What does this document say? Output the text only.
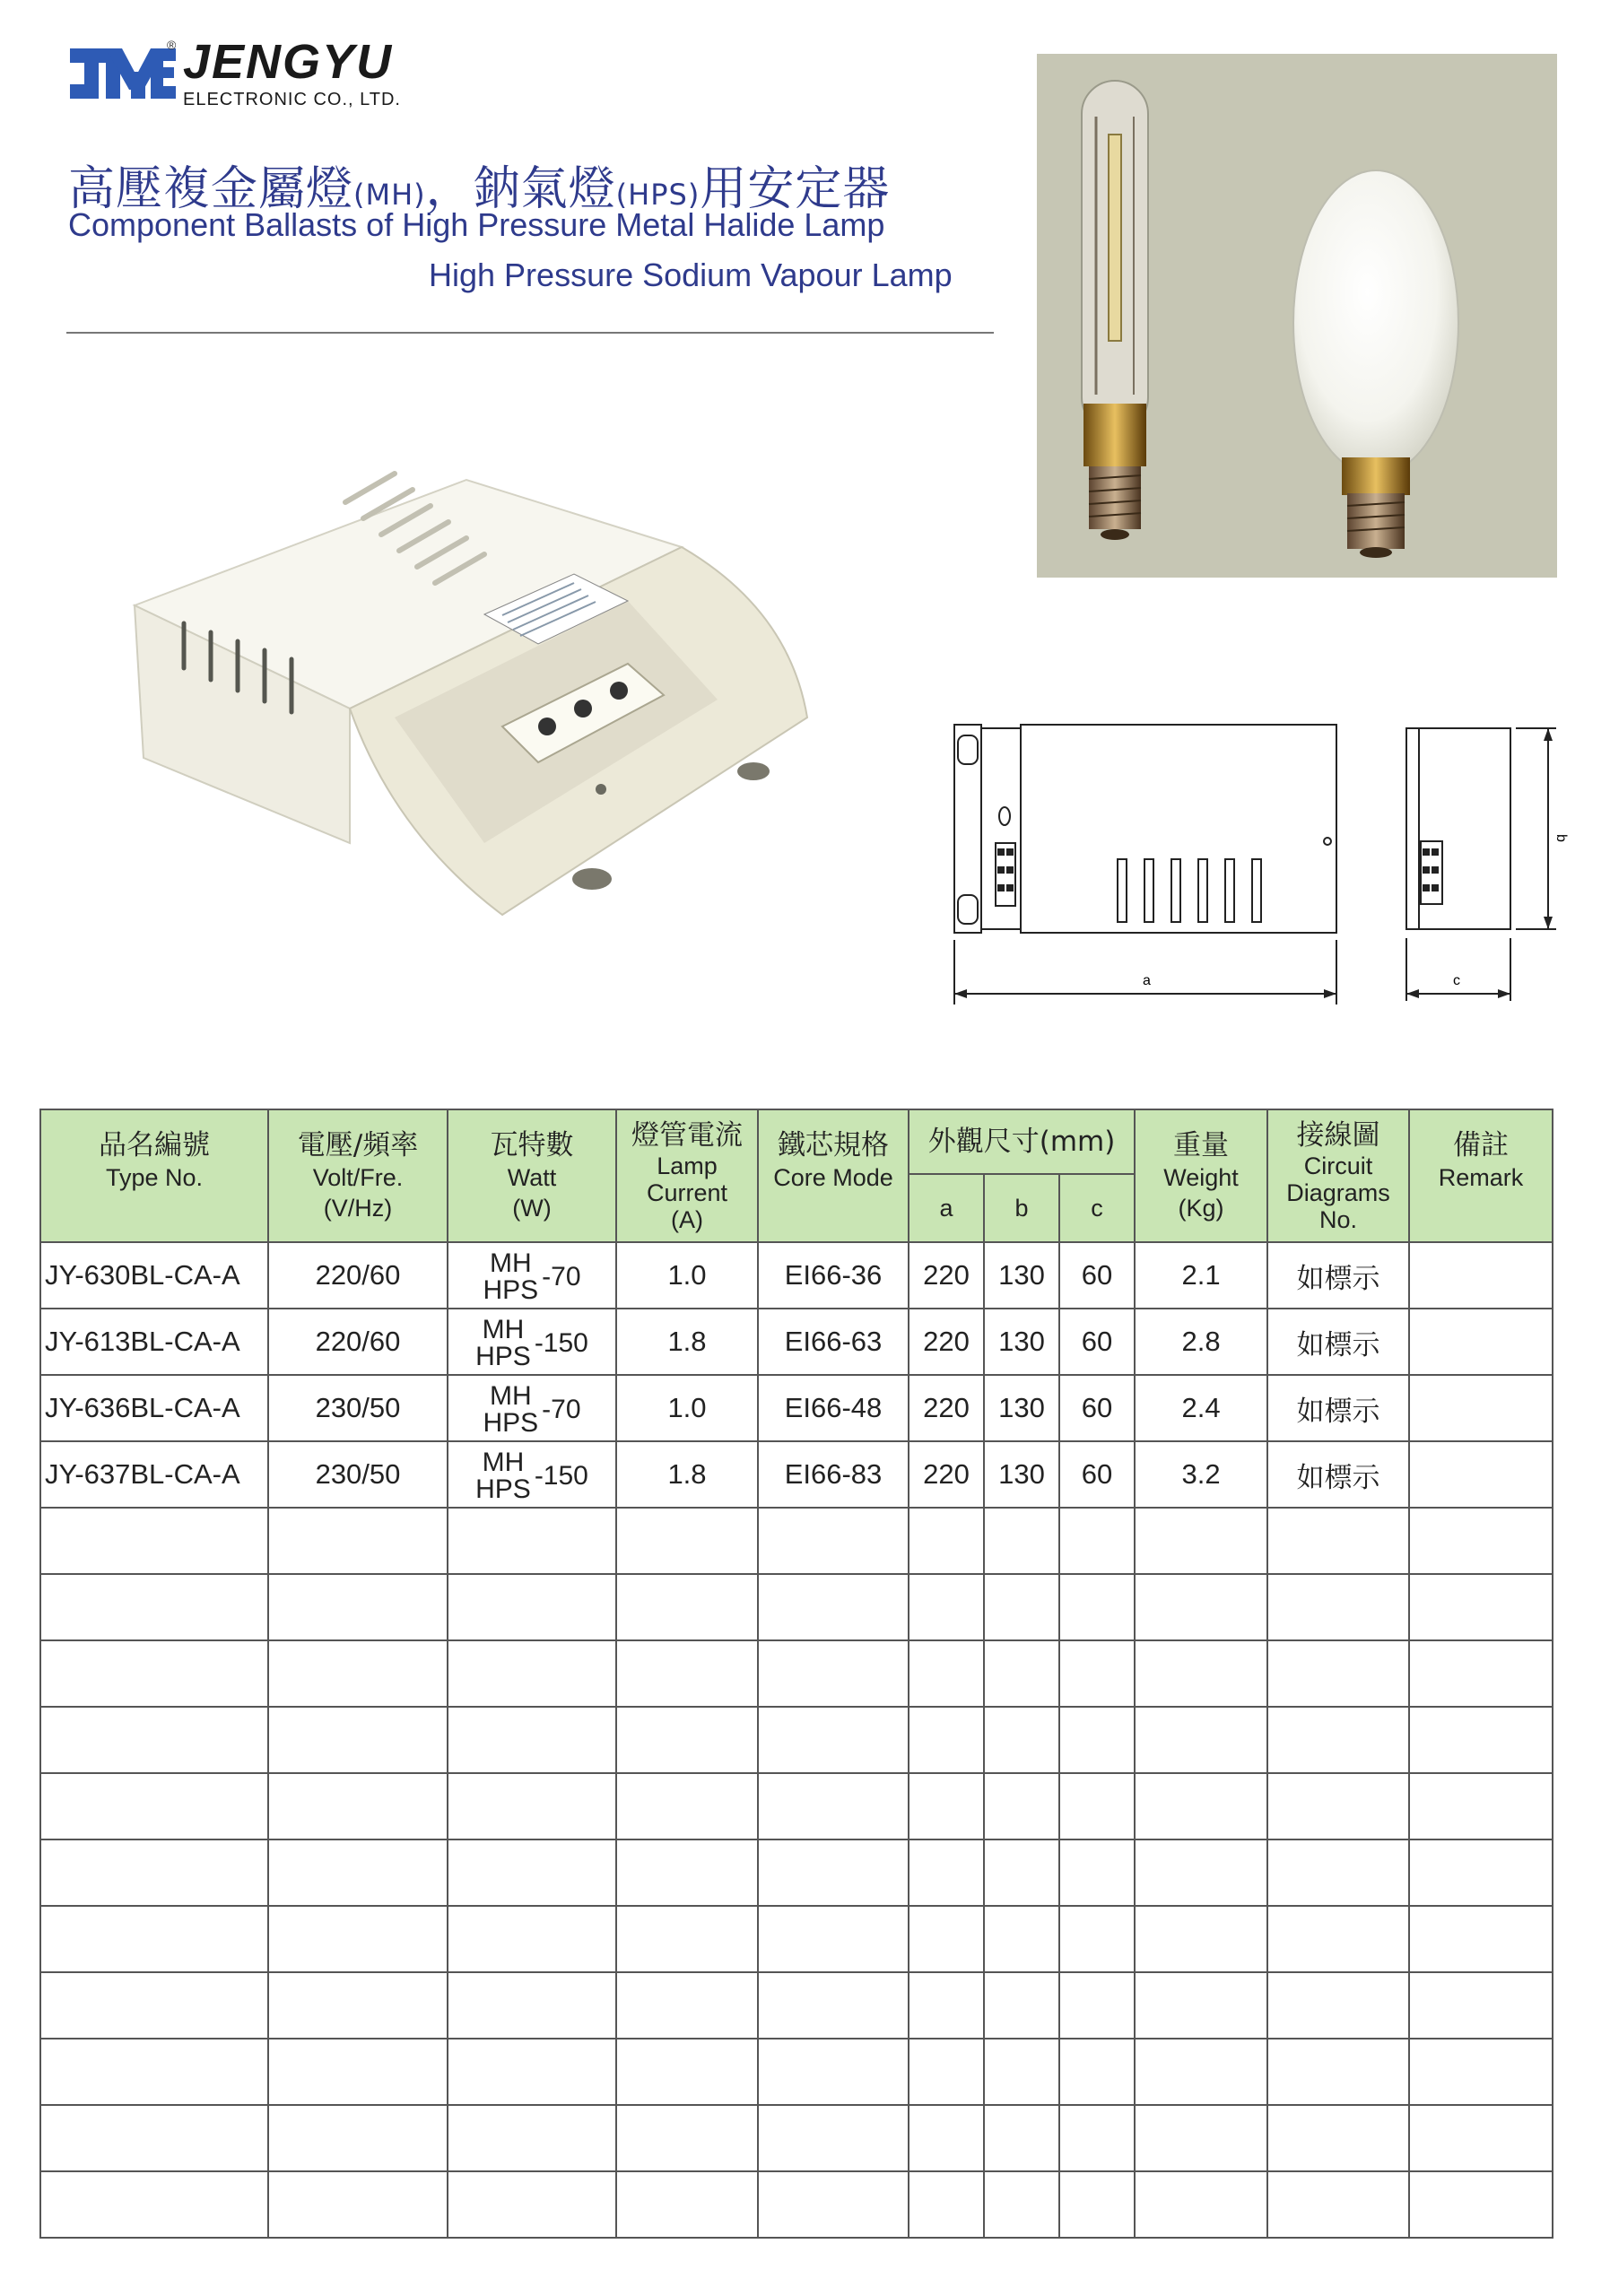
® JENGYU
ELECTRONIC CO., LTD.
高壓複金屬燈(MH)，鈉氣燈(HPS)用安定器
Component Ballasts of High Pressure Metal Halide Lamp
High Pressure Sodium Vapour Lamp
a	c
b
品名編號
Type No.	電壓/頻率
Volt/Fre.
(V/Hz)	瓦特數
Watt
(W)	燈管電流
Lamp
Current
(A)	鐵芯規格
Core Mode	外觀尺寸(mm)			重量
Weight
(Kg)	接線圖
Circuit
Diagrams
No.	備註
Remark

					a	b	c			

JY-630BL-CA-A	220/60	MH
HPS -70	1.0	EI66-36	220	130	60	2.1	如標示	
JY-613BL-CA-A	220/60	MH
HPS -150	1.8	EI66-63	220	130	60	2.8	如標示	
JY-636BL-CA-A	230/50	MH
HPS -70	1.0	EI66-48	220	130	60	2.4	如標示	
JY-637BL-CA-A	230/50	MH
HPS -150	1.8	EI66-83	220	130	60	3.2	如標示	
